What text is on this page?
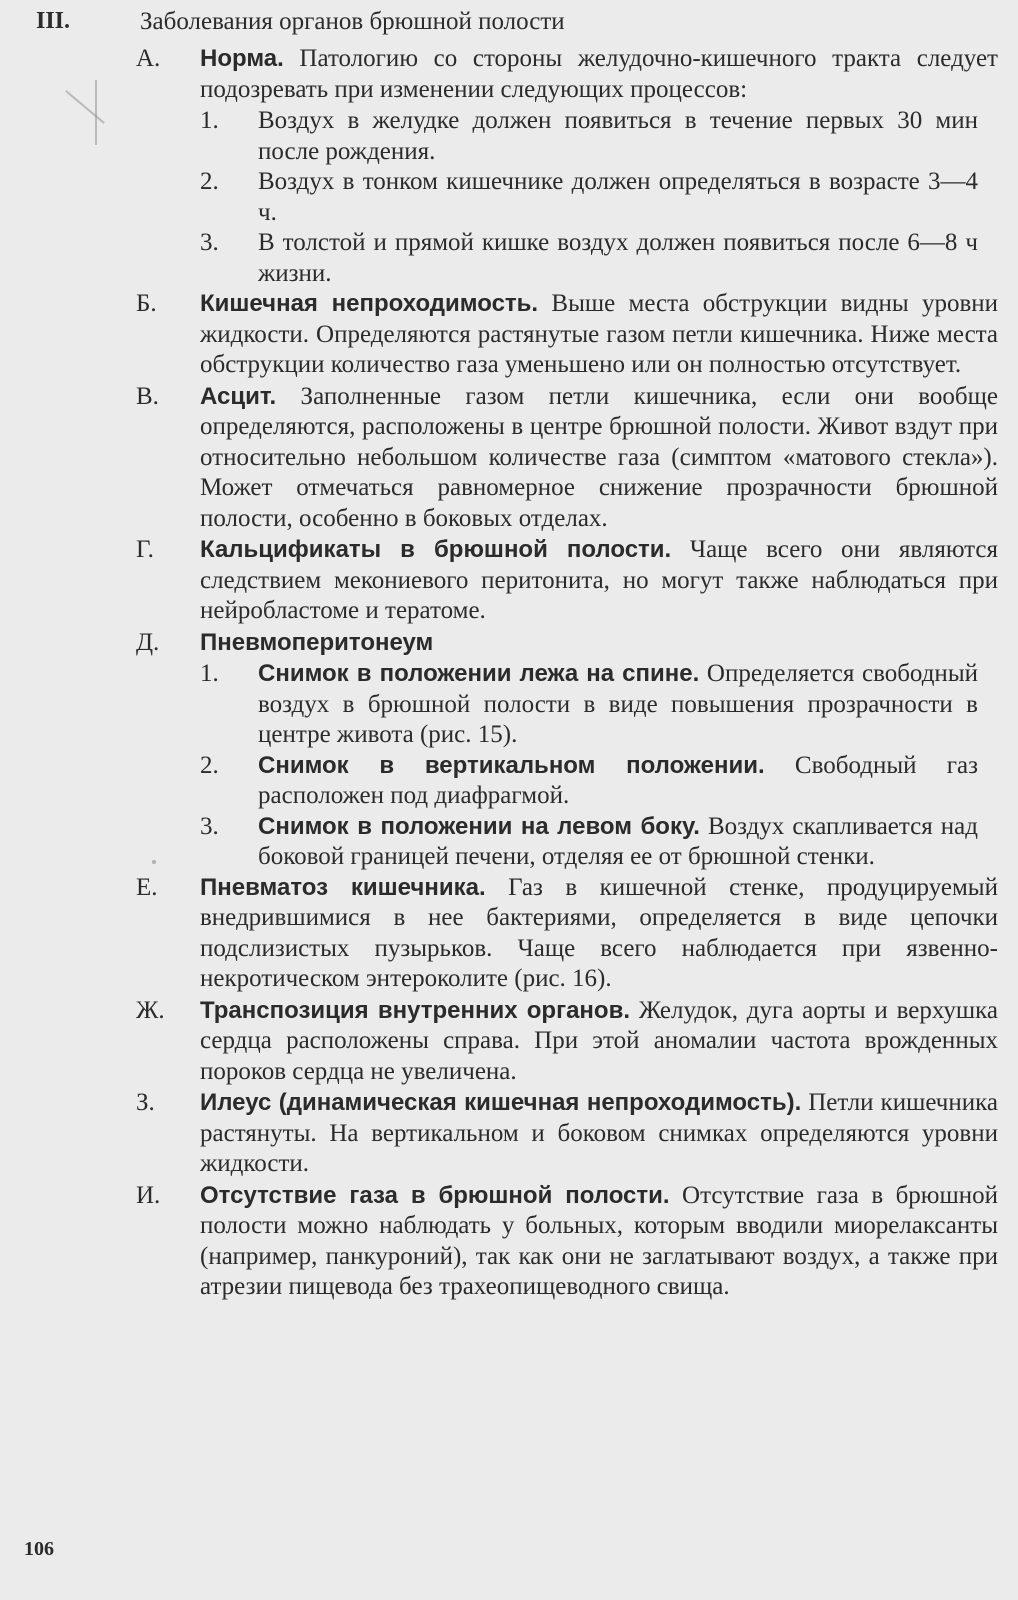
III.	Заболевания органов брюшной полости
А.	Норма. Патологию со стороны желудочно-кишечного тракта следует подозревать при изменении следующих процессов:
1.	Воздух в желудке должен появиться в течение первых 30 мин после рождения.
2.	Воздух в тонком кишечнике должен определяться в возрасте 3—4 ч.
3.	В толстой и прямой кишке воздух должен появиться после 6—8 ч жизни.
Б.	Кишечная непроходимость. Выше места обструкции видны уровни жидкости. Определяются растянутые газом петли кишечника. Ниже места обструкции количество газа уменьшено или он полностью отсутствует.
В.	Асцит. Заполненные газом петли кишечника, если они вообще определяются, расположены в центре брюшной полости. Живот вздут при относительно небольшом количестве газа (симптом «матового стекла»). Может отмечаться равномерное снижение прозрачности брюшной полости, особенно в боковых отделах.
Г.	Кальцификаты в брюшной полости. Чаще всего они являются следствием мекониевого перитонита, но могут также наблюдаться при нейробластоме и тератоме.
Д.	Пневмоперитонеум
1.	Снимок в положении лежа на спине. Определяется свободный воздух в брюшной полости в виде повышения прозрачности в центре живота (рис. 15).
2.	Снимок в вертикальном положении. Свободный газ расположен под диафрагмой.
3.	Снимок в положении на левом боку. Воздух скапливается над боковой границей печени, отделяя ее от брюшной стенки.
Е.	Пневматоз кишечника. Газ в кишечной стенке, продуцируемый внедрившимися в нее бактериями, определяется в виде цепочки подслизистых пузырьков. Чаще всего наблюдается при язвенно-некротическом энтероколите (рис. 16).
Ж.	Транспозиция внутренних органов. Желудок, дуга аорты и верхушка сердца расположены справа. При этой аномалии частота врожденных пороков сердца не увеличена.
З.	Илеус (динамическая кишечная непроходимость). Петли кишечника растянуты. На вертикальном и боковом снимках определяются уровни жидкости.
И.	Отсутствие газа в брюшной полости. Отсутствие газа в брюшной полости можно наблюдать у больных, которым вводили миорелаксанты (например, панкуроний), так как они не заглатывают воздух, а также при атрезии пищевода без трахеопищеводного свища.
106
